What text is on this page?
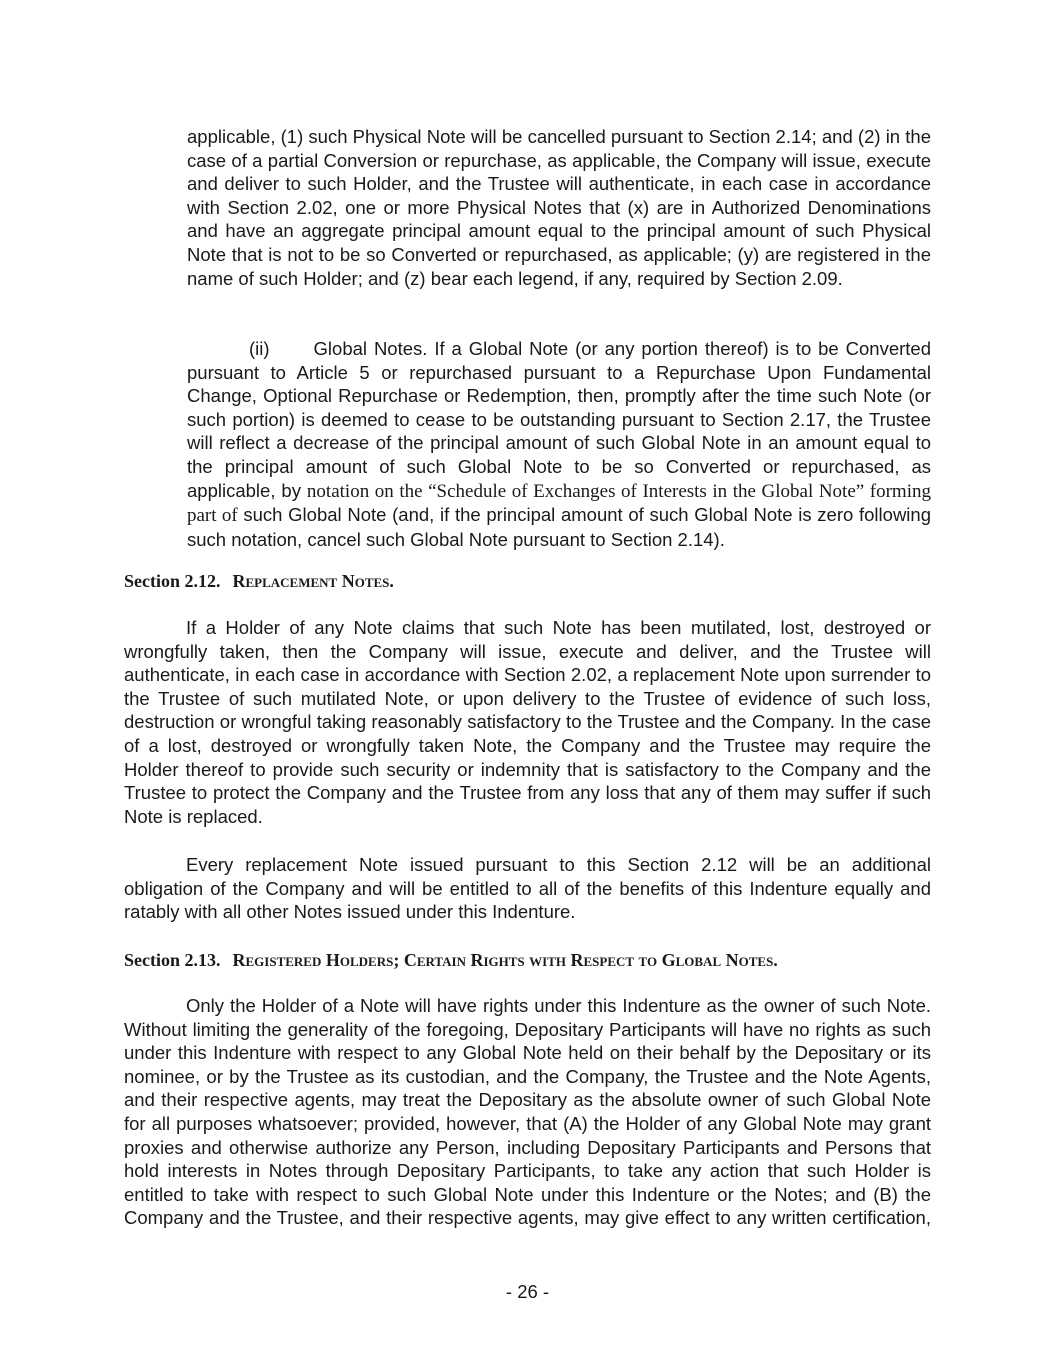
applicable, (1) such Physical Note will be cancelled pursuant to Section 2.14; and (2) in the case of a partial Conversion or repurchase, as applicable, the Company will issue, execute and deliver to such Holder, and the Trustee will authenticate, in each case in accordance with Section 2.02, one or more Physical Notes that (x) are in Authorized Denominations and have an aggregate principal amount equal to the principal amount of such Physical Note that is not to be so Converted or repurchased, as applicable; (y) are registered in the name of such Holder; and (z) bear each legend, if any, required by Section 2.09.

(ii) Global Notes. If a Global Note (or any portion thereof) is to be Converted pursuant to Article 5 or repurchased pursuant to a Repurchase Upon Fundamental Change, Optional Repurchase or Redemption, then, promptly after the time such Note (or such portion) is deemed to cease to be outstanding pursuant to Section 2.17, the Trustee will reflect a decrease of the principal amount of such Global Note in an amount equal to the principal amount of such Global Note to be so Converted or repurchased, as applicable, by notation on the “Schedule of Exchanges of Interests in the Global Note” forming part of such Global Note (and, if the principal amount of such Global Note is zero following such notation, cancel such Global Note pursuant to Section 2.14).

Section 2.12. Replacement Notes.

If a Holder of any Note claims that such Note has been mutilated, lost, destroyed or wrongfully taken, then the Company will issue, execute and deliver, and the Trustee will authenticate, in each case in accordance with Section 2.02, a replacement Note upon surrender to the Trustee of such mutilated Note, or upon delivery to the Trustee of evidence of such loss, destruction or wrongful taking reasonably satisfactory to the Trustee and the Company. In the case of a lost, destroyed or wrongfully taken Note, the Company and the Trustee may require the Holder thereof to provide such security or indemnity that is satisfactory to the Company and the Trustee to protect the Company and the Trustee from any loss that any of them may suffer if such Note is replaced.

Every replacement Note issued pursuant to this Section 2.12 will be an additional obligation of the Company and will be entitled to all of the benefits of this Indenture equally and ratably with all other Notes issued under this Indenture.

Section 2.13. Registered Holders; Certain Rights with Respect to Global Notes.

Only the Holder of a Note will have rights under this Indenture as the owner of such Note. Without limiting the generality of the foregoing, Depositary Participants will have no rights as such under this Indenture with respect to any Global Note held on their behalf by the Depositary or its nominee, or by the Trustee as its custodian, and the Company, the Trustee and the Note Agents, and their respective agents, may treat the Depositary as the absolute owner of such Global Note for all purposes whatsoever; provided, however, that (A) the Holder of any Global Note may grant proxies and otherwise authorize any Person, including Depositary Participants and Persons that hold interests in Notes through Depositary Participants, to take any action that such Holder is entitled to take with respect to such Global Note under this Indenture or the Notes; and (B) the Company and the Trustee, and their respective agents, may give effect to any written certification,

- 26 -
